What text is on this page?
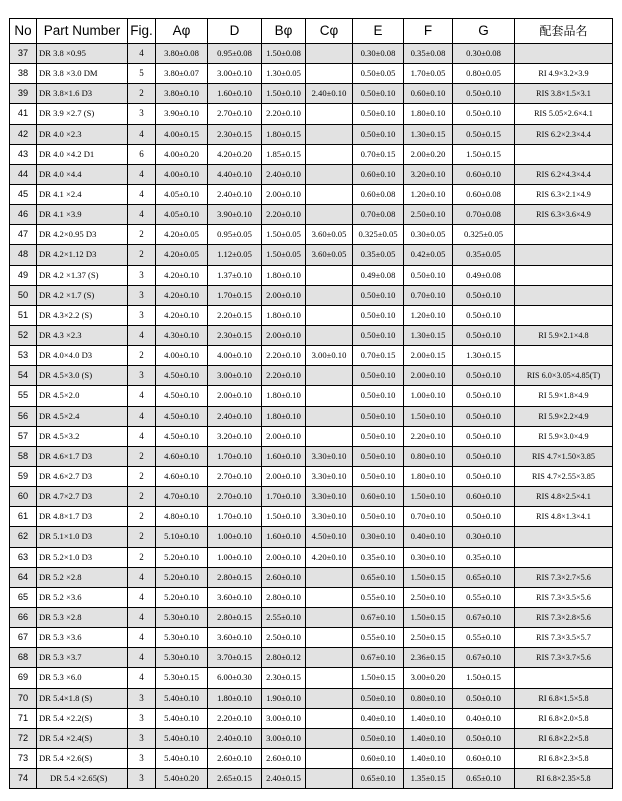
No	Part Number	Fig.	Aφ	D	Bφ	Cφ	E	F	G	配套品名
37	DR 3.8 ×0.95	4	3.80±0.08	0.95±0.08	1.50±0.08		0.30±0.08	0.35±0.08	0.30±0.08	
38	DR 3.8 ×3.0 DM	5	3.80±0.07	3.00±0.10	1.30±0.05		0.50±0.05	1.70±0.05	0.80±0.05	RI 4.9×3.2×3.9
39	DR 3.8×1.6 D3	2	3.80±0.10	1.60±0.10	1.50±0.10	2.40±0.10	0.50±0.10	0.60±0.10	0.50±0.10	RIS 3.8×1.5×3.1
41	DR 3.9 ×2.7 (S)	3	3.90±0.10	2.70±0.10	2.20±0.10		0.50±0.10	1.80±0.10	0.50±0.10	RIS 5.05×2.6×4.1
42	DR 4.0 ×2.3	4	4.00±0.15	2.30±0.15	1.80±0.15		0.50±0.10	1.30±0.15	0.50±0.15	RIS 6.2×2.3×4.4
43	DR 4.0 ×4.2 D1	6	4.00±0.20	4.20±0.20	1.85±0.15		0.70±0.15	2.00±0.20	1.50±0.15	
44	DR 4.0 ×4.4	4	4.00±0.10	4.40±0.10	2.40±0.10		0.60±0.10	3.20±0.10	0.60±0.10	RIS 6.2×4.3×4.4
45	DR 4.1 ×2.4	4	4.05±0.10	2.40±0.10	2.00±0.10		0.60±0.08	1.20±0.10	0.60±0.08	RIS 6.3×2.1×4.9
46	DR 4.1 ×3.9	4	4.05±0.10	3.90±0.10	2.20±0.10		0.70±0.08	2.50±0.10	0.70±0.08	RIS 6.3×3.6×4.9
47	DR 4.2×0.95 D3	2	4.20±0.05	0.95±0.05	1.50±0.05	3.60±0.05	0.325±0.05	0.30±0.05	0.325±0.05	
48	DR 4.2×1.12 D3	2	4.20±0.05	1.12±0.05	1.50±0.05	3.60±0.05	0.35±0.05	0.42±0.05	0.35±0.05	
49	DR 4.2 ×1.37 (S)	3	4.20±0.10	1.37±0.10	1.80±0.10		0.49±0.08	0.50±0.10	0.49±0.08	
50	DR 4.2 ×1.7 (S)	3	4.20±0.10	1.70±0.15	2.00±0.10		0.50±0.10	0.70±0.10	0.50±0.10	
51	DR 4.3×2.2 (S)	3	4.20±0.10	2.20±0.15	1.80±0.10		0.50±0.10	1.20±0.10	0.50±0.10	
52	DR 4.3 ×2.3	4	4.30±0.10	2.30±0.15	2.00±0.10		0.50±0.10	1.30±0.15	0.50±0.10	RI 5.9×2.1×4.8
53	DR 4.0×4.0 D3	2	4.00±0.10	4.00±0.10	2.20±0.10	3.00±0.10	0.70±0.15	2.00±0.15	1.30±0.15	
54	DR 4.5×3.0 (S)	3	4.50±0.10	3.00±0.10	2.20±0.10		0.50±0.10	2.00±0.10	0.50±0.10	RIS 6.0×3.05×4.85(T)
55	DR 4.5×2.0	4	4.50±0.10	2.00±0.10	1.80±0.10		0.50±0.10	1.00±0.10	0.50±0.10	RI 5.9×1.8×4.9
56	DR 4.5×2.4	4	4.50±0.10	2.40±0.10	1.80±0.10		0.50±0.10	1.50±0.10	0.50±0.10	RI 5.9×2.2×4.9
57	DR 4.5×3.2	4	4.50±0.10	3.20±0.10	2.00±0.10		0.50±0.10	2.20±0.10	0.50±0.10	RI 5.9×3.0×4.9
58	DR 4.6×1.7 D3	2	4.60±0.10	1.70±0.10	1.60±0.10	3.30±0.10	0.50±0.10	0.80±0.10	0.50±0.10	RIS 4.7×1.50×3.85
59	DR 4.6×2.7 D3	2	4.60±0.10	2.70±0.10	2.00±0.10	3.30±0.10	0.50±0.10	1.80±0.10	0.50±0.10	RIS 4.7×2.55×3.85
60	DR 4.7×2.7 D3	2	4.70±0.10	2.70±0.10	1.70±0.10	3.30±0.10	0.60±0.10	1.50±0.10	0.60±0.10	RIS 4.8×2.5×4.1
61	DR 4.8×1.7 D3	2	4.80±0.10	1.70±0.10	1.50±0.10	3.30±0.10	0.50±0.10	0.70±0.10	0.50±0.10	RIS 4.8×1.3×4.1
62	DR 5.1×1.0 D3	2	5.10±0.10	1.00±0.10	1.60±0.10	4.50±0.10	0.30±0.10	0.40±0.10	0.30±0.10	
63	DR 5.2×1.0 D3	2	5.20±0.10	1.00±0.10	2.00±0.10	4.20±0.10	0.35±0.10	0.30±0.10	0.35±0.10	
64	DR 5.2 ×2.8	4	5.20±0.10	2.80±0.15	2.60±0.10		0.65±0.10	1.50±0.15	0.65±0.10	RIS 7.3×2.7×5.6
65	DR 5.2 ×3.6	4	5.20±0.10	3.60±0.10	2.80±0.10		0.55±0.10	2.50±0.10	0.55±0.10	RIS 7.3×3.5×5.6
66	DR 5.3 ×2.8	4	5.30±0.10	2.80±0.15	2.55±0.10		0.67±0.10	1.50±0.15	0.67±0.10	RIS 7.3×2.8×5.6
67	DR 5.3 ×3.6	4	5.30±0.10	3.60±0.10	2.50±0.10		0.55±0.10	2.50±0.15	0.55±0.10	RIS 7.3×3.5×5.7
68	DR 5.3 ×3.7	4	5.30±0.10	3.70±0.15	2.80±0.12		0.67±0.10	2.36±0.15	0.67±0.10	RIS 7.3×3.7×5.6
69	DR 5.3 ×6.0	4	5.30±0.15	6.00±0.30	2.30±0.15		1.50±0.15	3.00±0.20	1.50±0.15	
70	DR 5.4×1.8 (S)	3	5.40±0.10	1.80±0.10	1.90±0.10		0.50±0.10	0.80±0.10	0.50±0.10	RI 6.8×1.5×5.8
71	DR 5.4 ×2.2(S)	3	5.40±0.10	2.20±0.10	3.00±0.10		0.40±0.10	1.40±0.10	0.40±0.10	RI 6.8×2.0×5.8
72	DR 5.4 ×2.4(S)	3	5.40±0.10	2.40±0.10	3.00±0.10		0.50±0.10	1.40±0.10	0.50±0.10	RI 6.8×2.2×5.8
73	DR 5.4 ×2.6(S)	3	5.40±0.10	2.60±0.10	2.60±0.10		0.60±0.10	1.40±0.10	0.60±0.10	RI 6.8×2.3×5.8
74	DR 5.4 ×2.65(S)	3	5.40±0.20	2.65±0.15	2.40±0.15		0.65±0.10	1.35±0.15	0.65±0.10	RI 6.8×2.35×5.8
